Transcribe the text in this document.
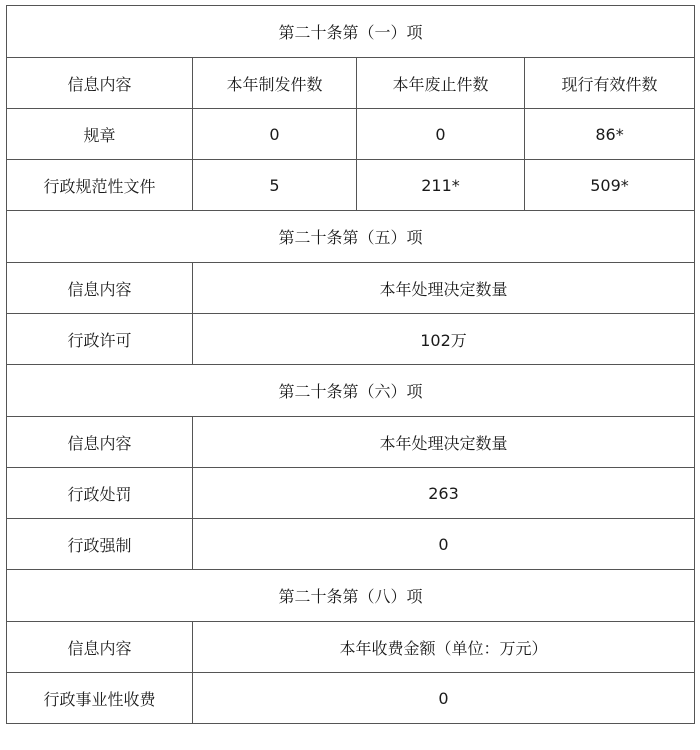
第二十条第（一）项			
信息内容	本年制发件数	本年废止件数	现行有效件数
规章	0	0	86*
行政规范性文件	5	211*	509*
第二十条第（五）项			
信息内容	本年处理决定数量		
行政许可	102万		
第二十条第（六）项			
信息内容	本年处理决定数量		
行政处罚	263		
行政强制	0		
第二十条第（八）项			
信息内容	本年收费金额（单位：万元）		
行政事业性收费	0		
